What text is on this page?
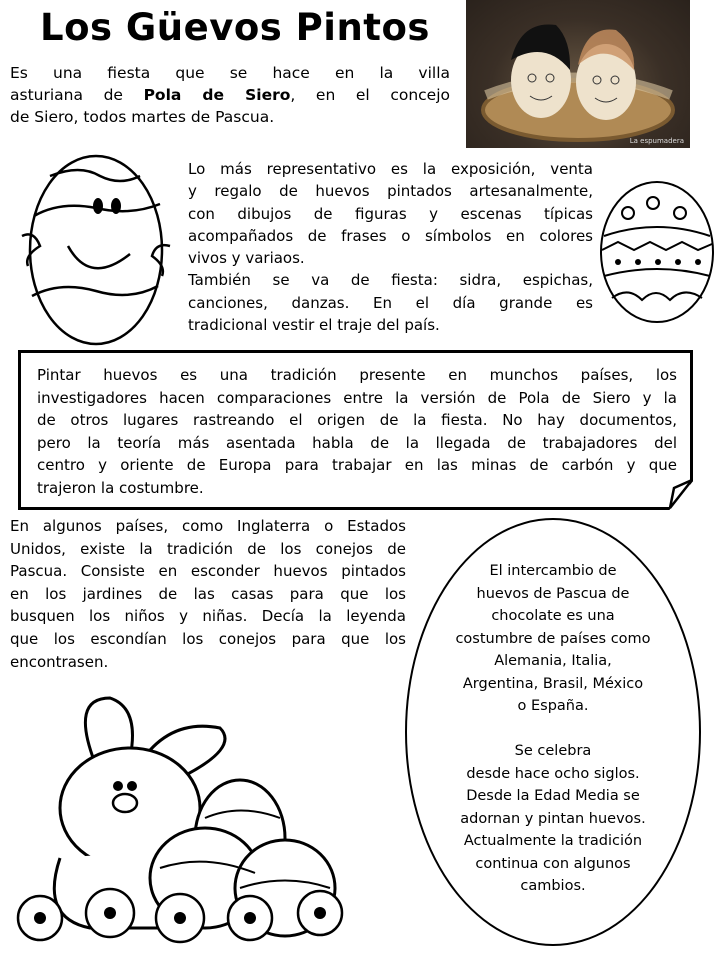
Los Güevos Pintos
La espumadera
Es una fiesta que se hace en la villa
asturiana de Pola de Siero, en el concejo
de Siero, todos martes de Pascua.
Lo más representativo es la exposición, venta
y regalo de huevos pintados artesanalmente,
con dibujos de figuras y escenas típicas
acompañados de frases o símbolos en colores
vivos y variaos.
También se va de fiesta: sidra, espichas,
canciones, danzas. En el día grande es
tradicional vestir el traje del país.
Pintar huevos es una tradición presente en munchos países, los
investigadores hacen comparaciones entre la versión de Pola de Siero y la
de otros lugares rastreando el origen de la fiesta. No hay documentos,
pero la teoría más asentada habla de la llegada de trabajadores del
centro y oriente de Europa para trabajar en las minas de carbón y que
trajeron la costumbre.
En algunos países, como Inglaterra o Estados
Unidos, existe la tradición de los conejos de
Pascua. Consiste en esconder huevos pintados
en los jardines de las casas para que los
busquen los niños y niñas. Decía la leyenda
que los escondían los conejos para que los
encontrasen.
El intercambio de
huevos de Pascua de
chocolate es una
costumbre de países como
Alemania, Italia,
Argentina, Brasil, México
o España.
Se celebra
desde hace ocho siglos.
Desde la Edad Media se
adornan y pintan huevos.
Actualmente la tradición
continua con algunos
cambios.
